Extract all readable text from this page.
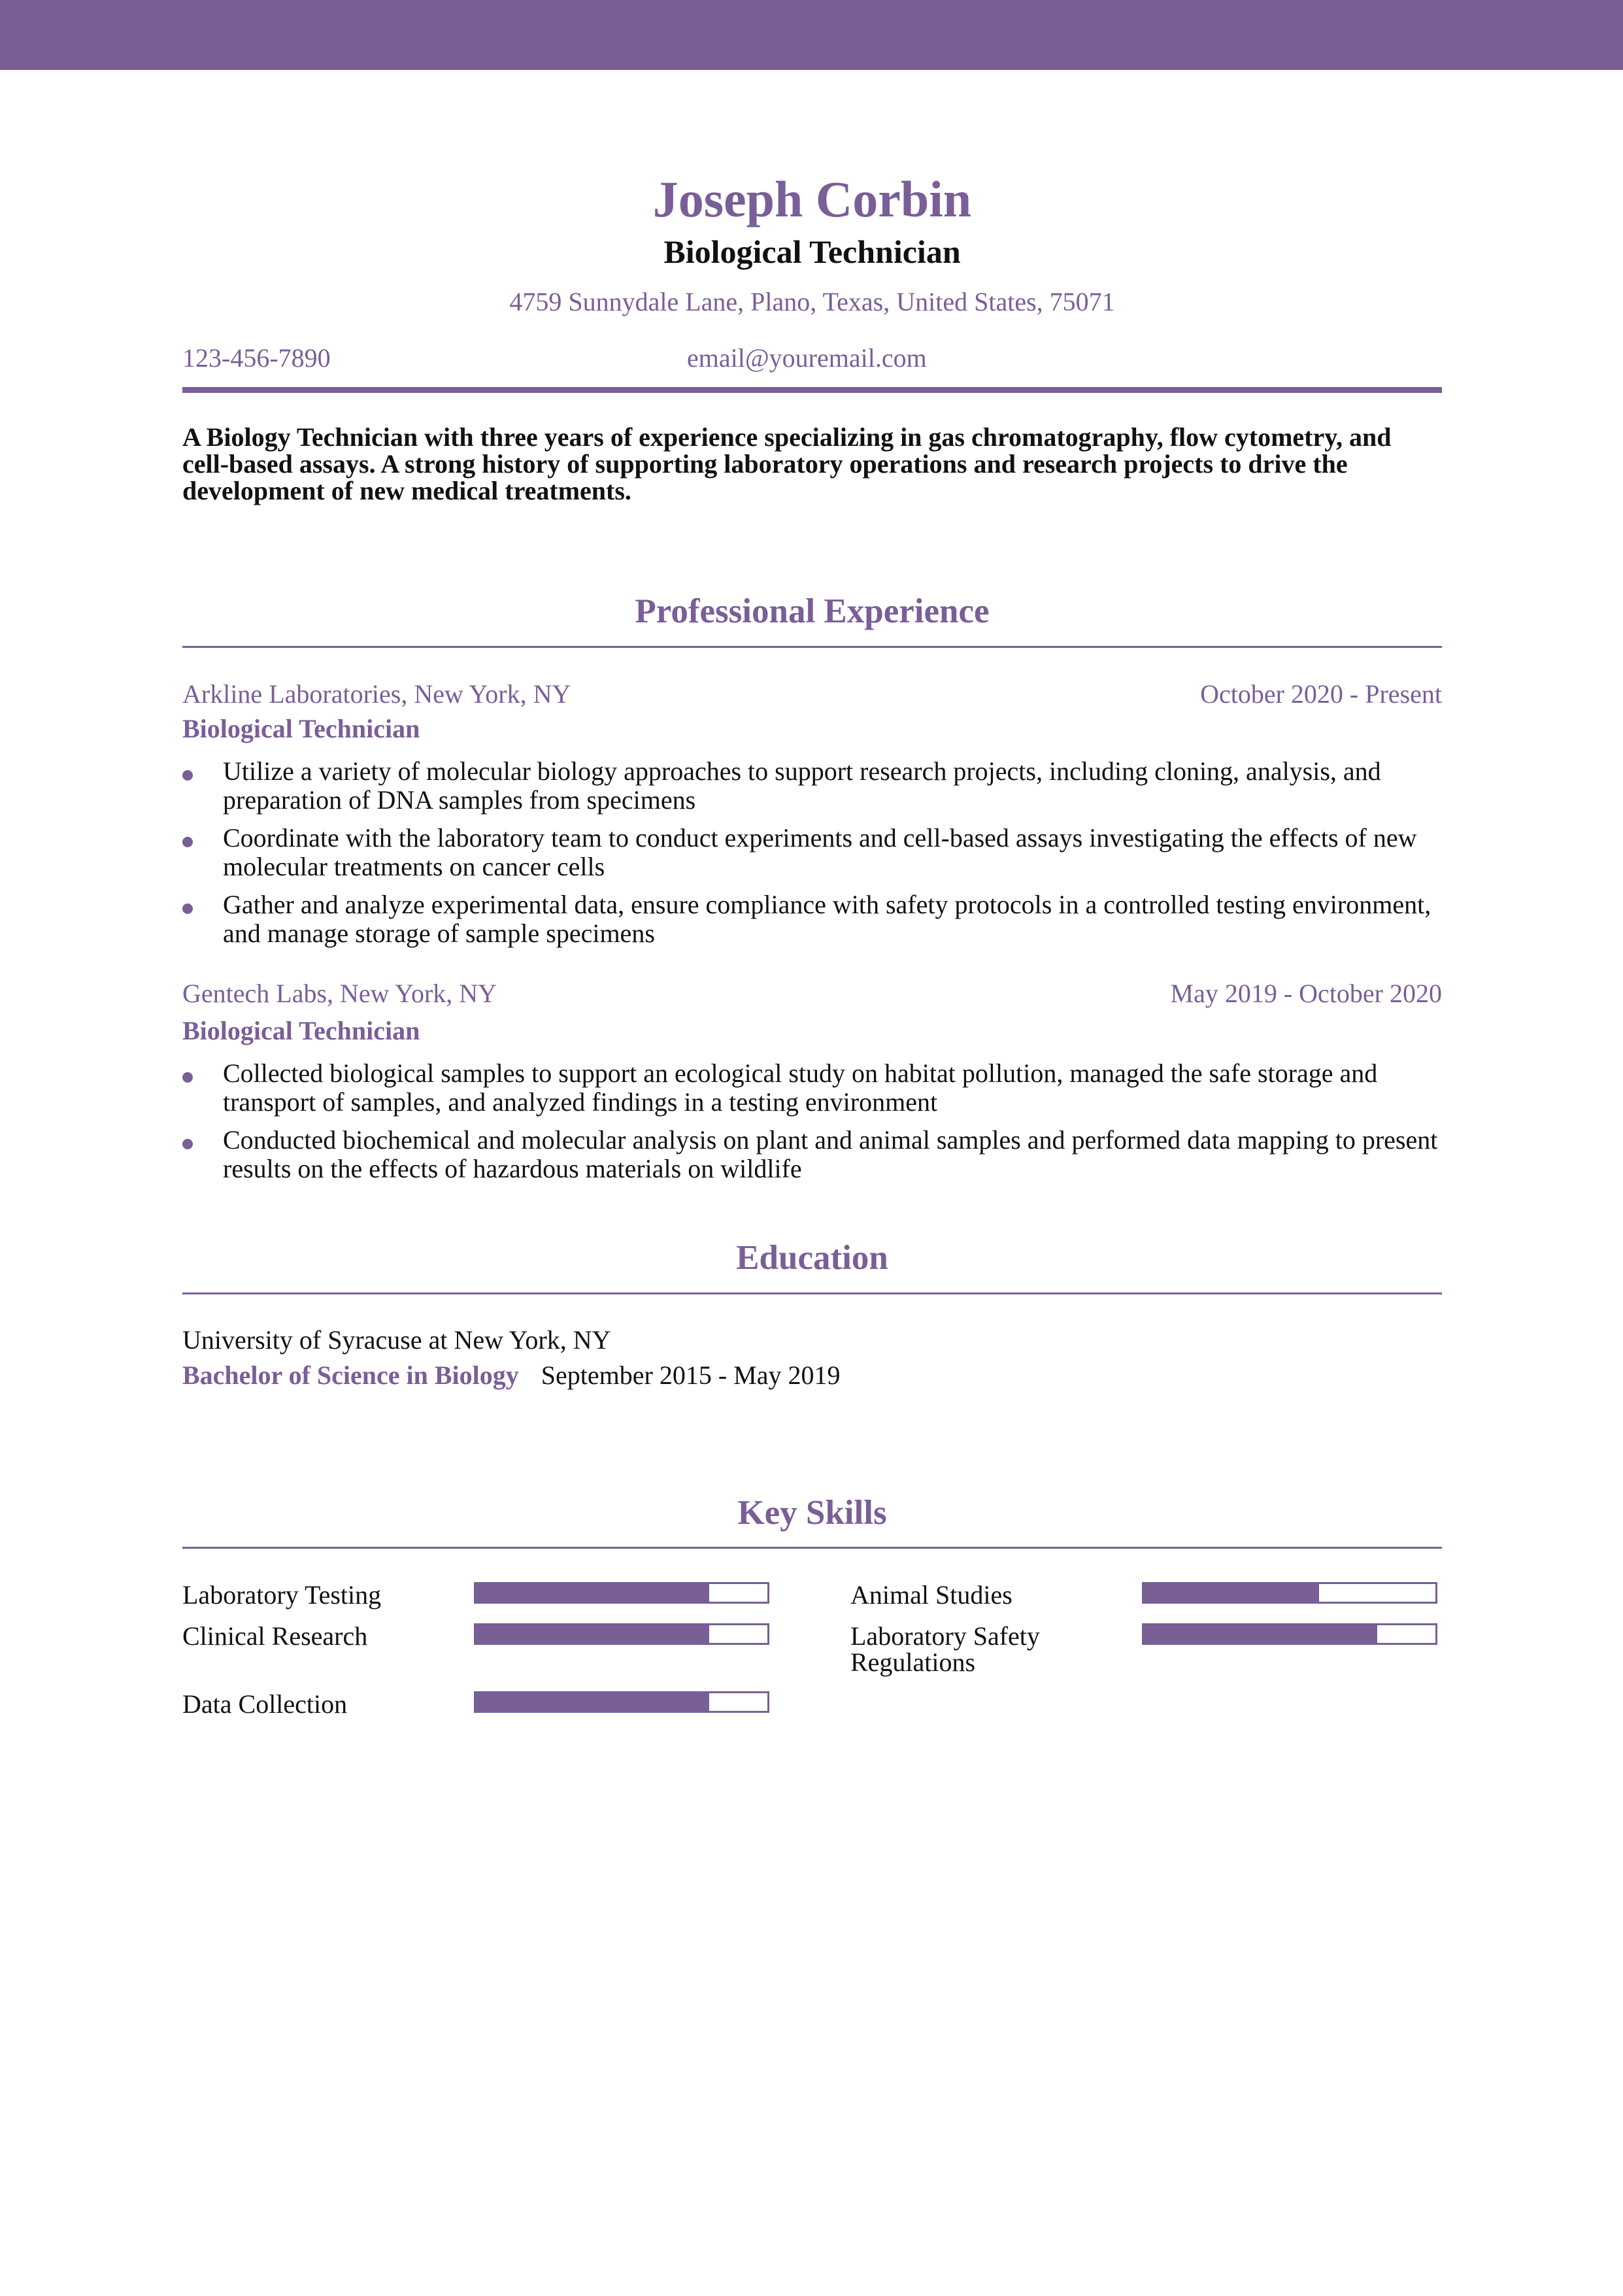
Joseph Corbin
Biological Technician
4759 Sunnydale Lane, Plano, Texas, United States, 75071
123-456-7890	email@youremail.com
A Biology Technician with three years of experience specializing in gas chromatography, flow cytometry, and cell-based assays. A strong history of supporting laboratory operations and research projects to drive the development of new medical treatments.
Professional Experience
Arkline Laboratories, New York, NY	October 2020 - Present
Biological Technician
Utilize a variety of molecular biology approaches to support research projects, including cloning, analysis, and preparation of DNA samples from specimens
Coordinate with the laboratory team to conduct experiments and cell-based assays investigating the effects of new molecular treatments on cancer cells
Gather and analyze experimental data, ensure compliance with safety protocols in a controlled testing environment, and manage storage of sample specimens
Gentech Labs, New York, NY	May 2019 - October 2020
Biological Technician
Collected biological samples to support an ecological study on habitat pollution, managed the safe storage and transport of samples, and analyzed findings in a testing environment
Conducted biochemical and molecular analysis on plant and animal samples and performed data mapping to present results on the effects of hazardous materials on wildlife
Education
University of Syracuse at New York, NY
Bachelor of Science in Biology September 2015 - May 2019
Key Skills
Laboratory Testing	Animal Studies
Clinical Research	Laboratory Safety Regulations
Data Collection
